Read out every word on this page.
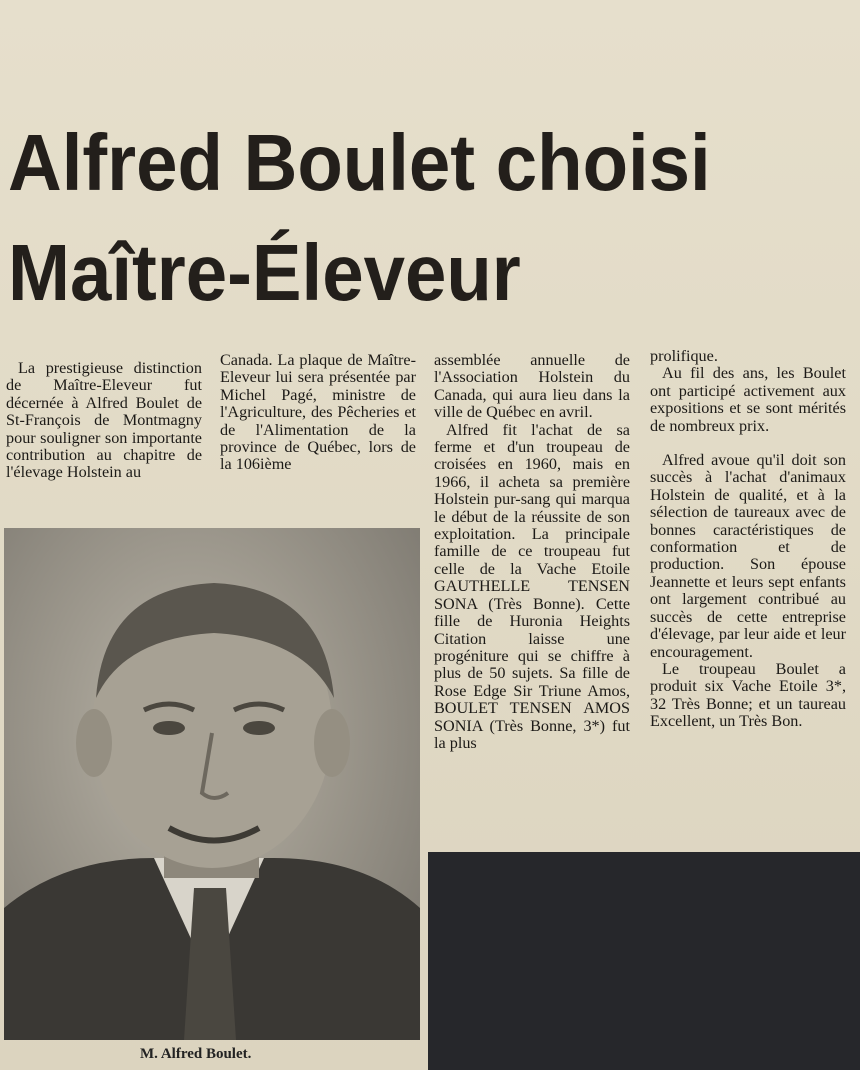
Alfred Boulet choisi
Maître-Éleveur

La prestigieuse distinction de Maître-Eleveur fut décernée à Alfred Boulet de St-François de Montmagny pour souligner son importante contribution au chapitre de l'élevage Holstein au

Canada. La plaque de Maître-Eleveur lui sera présentée par Michel Pagé, ministre de l'Agriculture, des Pêcheries et de l'Alimentation de la province de Québec, lors de la 106ième

assemblée annuelle de l'Association Holstein du Canada, qui aura lieu dans la ville de Québec en avril.

Alfred fit l'achat de sa ferme et d'un troupeau de croisées en 1960, mais en 1966, il acheta sa première Holstein pur-sang qui marqua le début de la réussite de son exploitation. La principale famille de ce troupeau fut celle de la Vache Etoile GAUTHELLE TENSEN SONA (Très Bonne). Cette fille de Huronia Heights Citation laisse une progéniture qui se chiffre à plus de 50 sujets. Sa fille de Rose Edge Sir Triune Amos, BOULET TENSEN AMOS SONIA (Très Bonne, 3*) fut la plus

prolifique.

Au fil des ans, les Boulet ont participé activement aux expositions et se sont mérités de nombreux prix.

Alfred avoue qu'il doit son succès à l'achat d'animaux Holstein de qualité, et à la sélection de taureaux avec de bonnes caractéristiques de conformation et de production. Son épouse Jeannette et leurs sept enfants ont largement contribué au succès de cette entreprise d'élevage, par leur aide et leur encouragement.

Le troupeau Boulet a produit six Vache Etoile 3*, 32 Très Bonne; et un taureau Excellent, un Très Bon.

M. Alfred Boulet.
